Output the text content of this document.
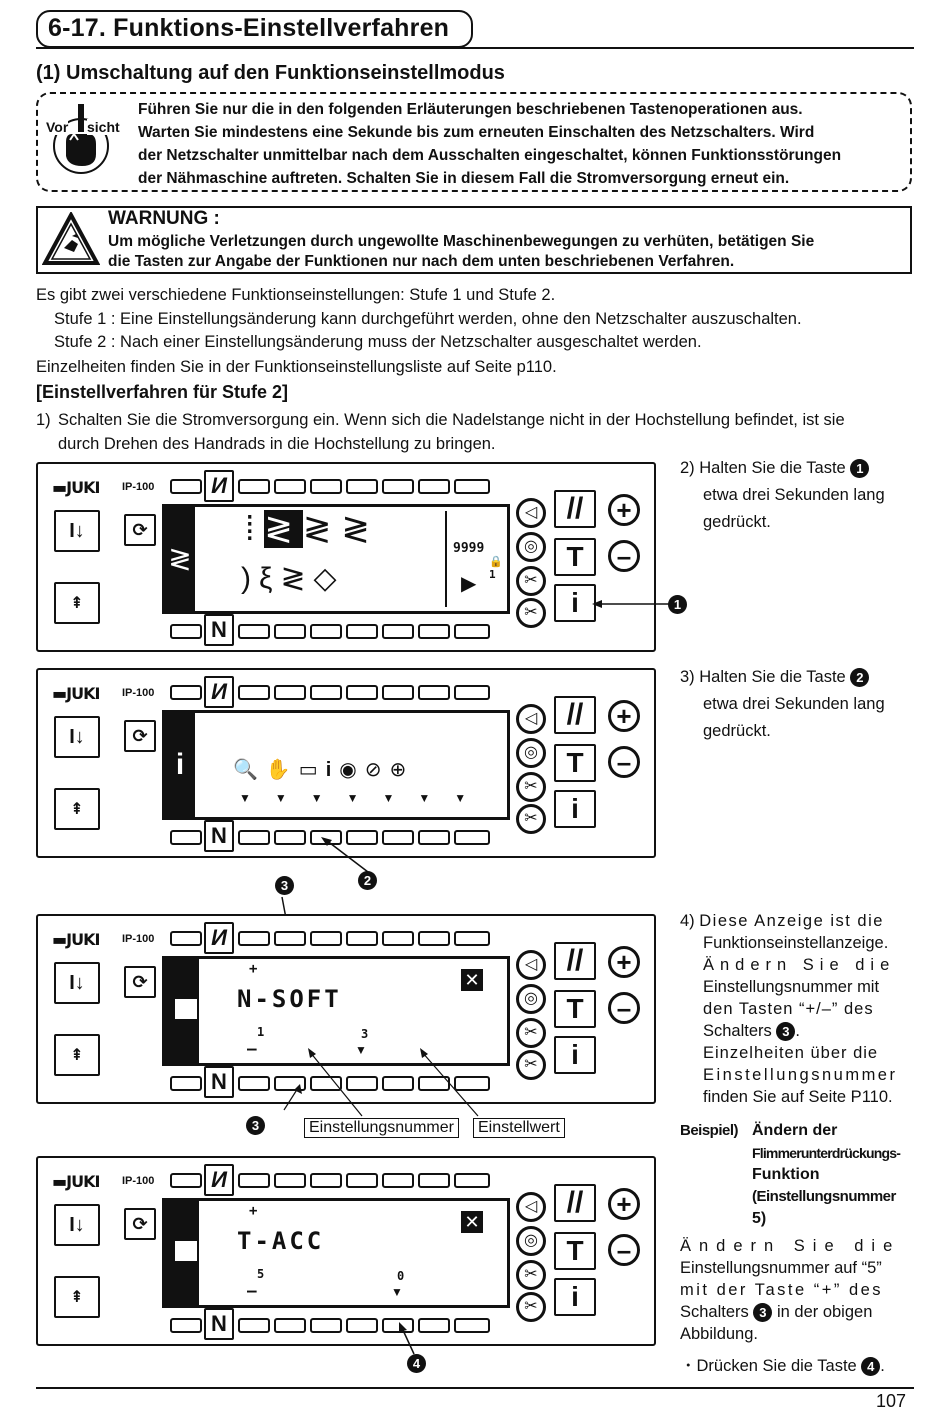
6-17. Funktions-Einstellverfahren
(1) Umschaltung auf den Funktionseinstellmodus
Vor sicht
Führen Sie nur die in den folgenden Erläuterungen beschriebenen Tastenoperationen aus.
Warten Sie mindestens eine Sekunde bis zum erneuten Einschalten des Netzschalters. Wird
der Netzschalter unmittelbar nach dem Ausschalten eingeschaltet, können Funktionsstörungen
der Nähmaschine auftreten. Schalten Sie in diesem Fall die Stromversorgung erneut ein.
WARNUNG :
Um mögliche Verletzungen durch ungewollte Maschinenbewegungen zu verhüten, betätigen Sie
die Tasten zur Angabe der Funktionen nur nach dem unten beschriebenen Verfahren.
Es gibt zwei verschiedene Funktionseinstellungen: Stufe 1 und Stufe 2.
Stufe 1 : Eine Einstellungsänderung kann durchgeführt werden, ohne den Netzschalter auszuschalten.
Stufe 2 : Nach einer Einstellungsänderung muss der Netzschalter ausgeschaltet werden.
Einzelheiten finden Sie in der Funktionseinstellungsliste auf Seite p110.
[Einstellverfahren für Stufe 2]
1) Schalten Sie die Stromversorgung ein. Wenn sich die Nadelstange nicht in der Hochstellung befindet, ist sie
durch Drehen des Handrads in die Hochstellung zu bringen.
▬JUKI IP-100	И
I↓	⟳
⇞
≷
⁞≷≷≷
)ξ≷◇
9999
🔒1
▶
N
◁
◎
✂
✂
//
T
i
+
–
1
2) Halten Sie die Taste 1
etwa drei Sekunden lang
gedrückt.
▬JUKI IP-100	И
I↓	⟳
⇞
i	🔍✋▭i◉⊘⊕
▼▼▼▼▼▼▼
N
◁
◎
✂
✂
//
T
i
+
–
2
3) Halten Sie die Taste 2
etwa drei Sekunden lang
gedrückt.
3
▬JUKI IP-100	И
I↓	⟳
⇞
+
N-SOFT
✕
1
–
3
▼
N
◁
◎
✂
✂
//
T
i
+
–
3	Einstellungsnummer	Einstellwert
4) Diese Anzeige ist die
Funktionseinstellanzeige.
Ändern Sie die
Einstellungsnummer mit
den Tasten “+/–” des
Schalters 3 .
Einzelheiten über die
Einstellungsnummer
finden Sie auf Seite P110.
Beispiel) Ändern der
Flimmerunterdrückungs-
Funktion
(Einstellungsnummer
5)
Ändern Sie die
Einstellungsnummer auf “5”
mit der Taste “+” des
Schalters 3 in der obigen
Abbildung.
・Drücken Sie die Taste 4 .
▬JUKI IP-100	И
I↓	⟳
⇞
+
T-ACC
✕
5
–
0
▼
N
◁
◎
✂
✂
//
T
i
+
–
4
107
